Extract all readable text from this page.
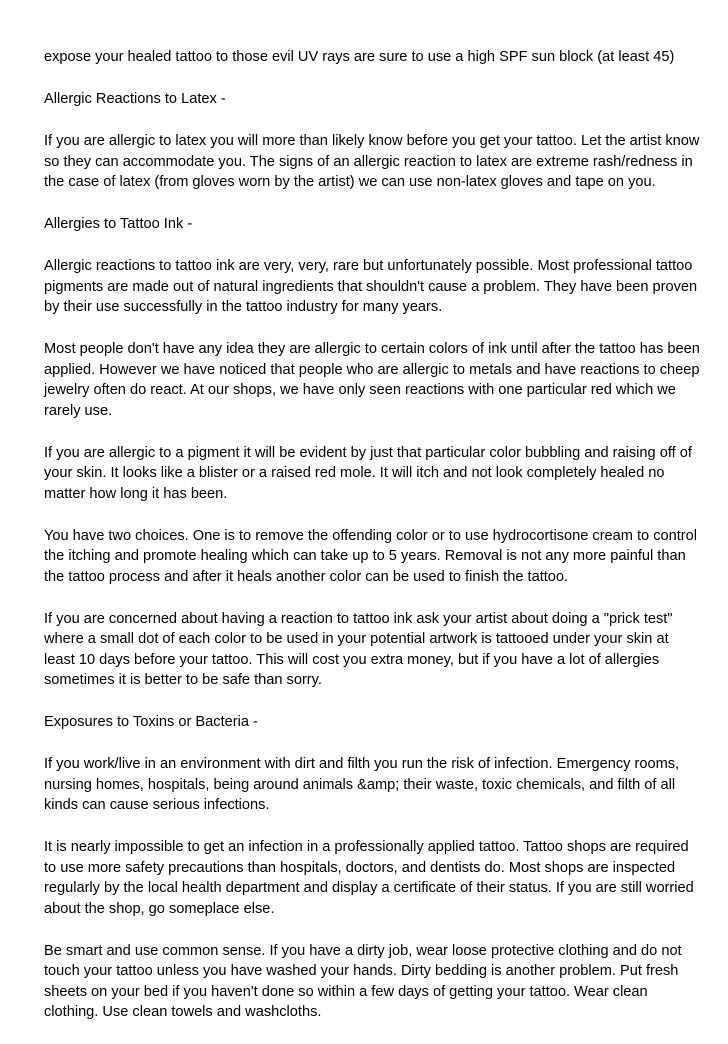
expose your healed tattoo to those evil UV rays are sure to use a high SPF sun block (at least 45)

Allergic Reactions to Latex -

If you are allergic to latex you will more than likely know before you get your tattoo. Let the artist know so they can accommodate you. The signs of an allergic reaction to latex are extreme rash/redness in the case of latex (from gloves worn by the artist) we can use non-latex gloves and tape on you.

Allergies to Tattoo Ink -

Allergic reactions to tattoo ink are very, very, rare but unfortunately possible. Most professional tattoo pigments are made out of natural ingredients that shouldn't cause a problem. They have been proven by their use successfully in the tattoo industry for many years.

Most people don't have any idea they are allergic to certain colors of ink until after the tattoo has been applied. However we have noticed that people who are allergic to metals and have reactions to cheep jewelry often do react. At our shops, we have only seen reactions with one particular red which we rarely use.

If you are allergic to a pigment it will be evident by just that particular color bubbling and raising off of your skin. It looks like a blister or a raised red mole. It will itch and not look completely healed no matter how long it has been.

You have two choices. One is to remove the offending color or to use hydrocortisone cream to control the itching and promote healing which can take up to 5 years. Removal is not any more painful than the tattoo process and after it heals another color can be used to finish the tattoo.

If you are concerned about having a reaction to tattoo ink ask your artist about doing a "prick test" where a small dot of each color to be used in your potential artwork is tattooed under your skin at least 10 days before your tattoo. This will cost you extra money, but if you have a lot of allergies sometimes it is better to be safe than sorry.

Exposures to Toxins or Bacteria -

If you work/live in an environment with dirt and filth you run the risk of infection. Emergency rooms, nursing homes, hospitals, being around animals &amp; their waste, toxic chemicals, and filth of all kinds can cause serious infections.

It is nearly impossible to get an infection in a professionally applied tattoo. Tattoo shops are required to use more safety precautions than hospitals, doctors, and dentists do. Most shops are inspected regularly by the local health department and display a certificate of their status. If you are still worried about the shop, go someplace else.

Be smart and use common sense. If you have a dirty job, wear loose protective clothing and do not touch your tattoo unless you have washed your hands. Dirty bedding is another problem. Put fresh sheets on your bed if you haven't done so within a few days of getting your tattoo. Wear clean clothing. Use clean towels and washcloths.
